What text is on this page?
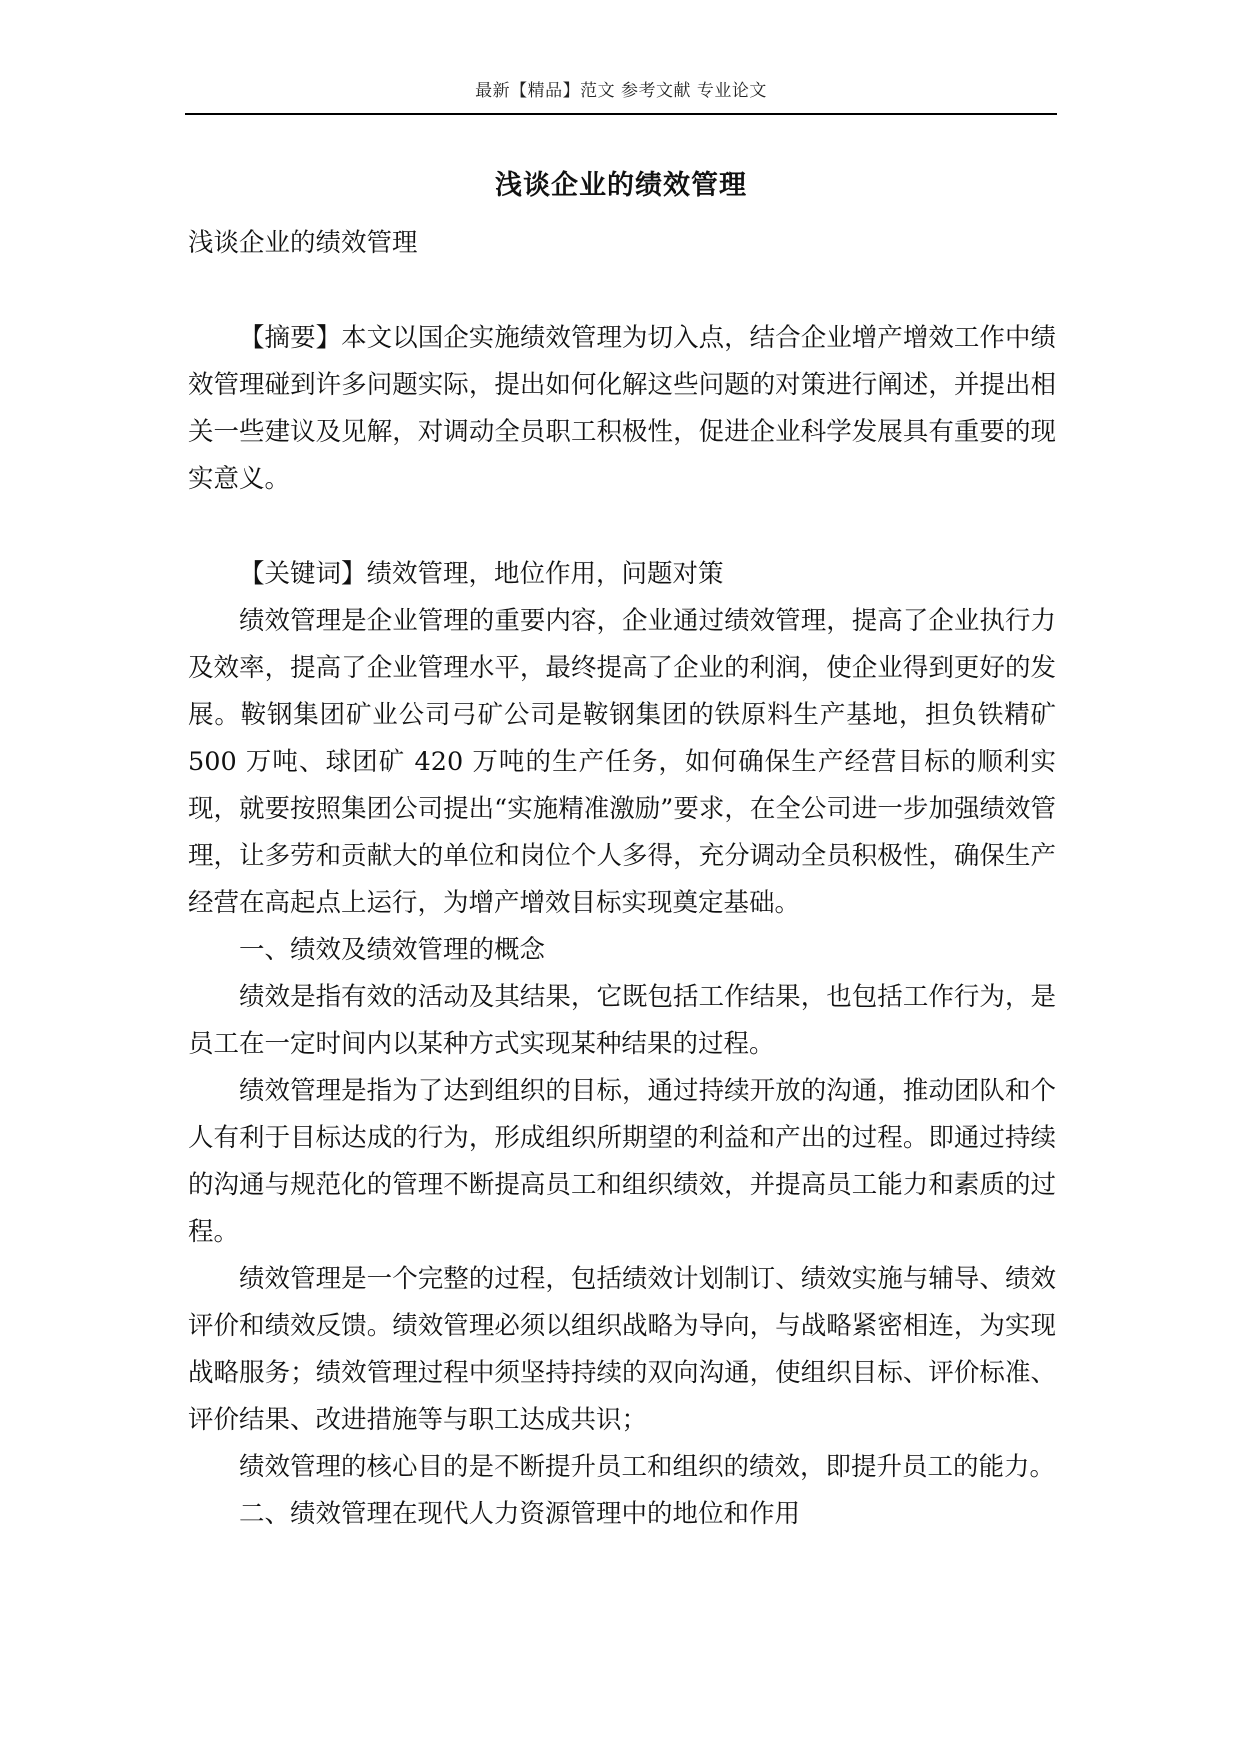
最新【精品】范文 参考文献 专业论文
浅谈企业的绩效管理

浅谈企业的绩效管理

【摘要】本文以国企实施绩效管理为切入点，结合企业增产增效工作中绩效管理碰到许多问题实际，提出如何化解这些问题的对策进行阐述，并提出相关一些建议及见解，对调动全员职工积极性，促进企业科学发展具有重要的现实意义。

【关键词】绩效管理，地位作用，问题对策

绩效管理是企业管理的重要内容，企业通过绩效管理，提高了企业执行力及效率，提高了企业管理水平，最终提高了企业的利润，使企业得到更好的发展。鞍钢集团矿业公司弓矿公司是鞍钢集团的铁原料生产基地，担负铁精矿 500 万吨、球团矿 420 万吨的生产任务，如何确保生产经营目标的顺利实现，就要按照集团公司提出“实施精准激励”要求，在全公司进一步加强绩效管理，让多劳和贡献大的单位和岗位个人多得，充分调动全员积极性，确保生产经营在高起点上运行，为增产增效目标实现奠定基础。

一、绩效及绩效管理的概念

绩效是指有效的活动及其结果，它既包括工作结果，也包括工作行为，是员工在一定时间内以某种方式实现某种结果的过程。

绩效管理是指为了达到组织的目标，通过持续开放的沟通，推动团队和个人有利于目标达成的行为，形成组织所期望的利益和产出的过程。即通过持续的沟通与规范化的管理不断提高员工和组织绩效，并提高员工能力和素质的过程。

绩效管理是一个完整的过程，包括绩效计划制订、绩效实施与辅导、绩效评价和绩效反馈。绩效管理必须以组织战略为导向，与战略紧密相连，为实现战略服务；绩效管理过程中须坚持持续的双向沟通，使组织目标、评价标准、评价结果、改进措施等与职工达成共识；

绩效管理的核心目的是不断提升员工和组织的绩效，即提升员工的能力。

二、绩效管理在现代人力资源管理中的地位和作用
